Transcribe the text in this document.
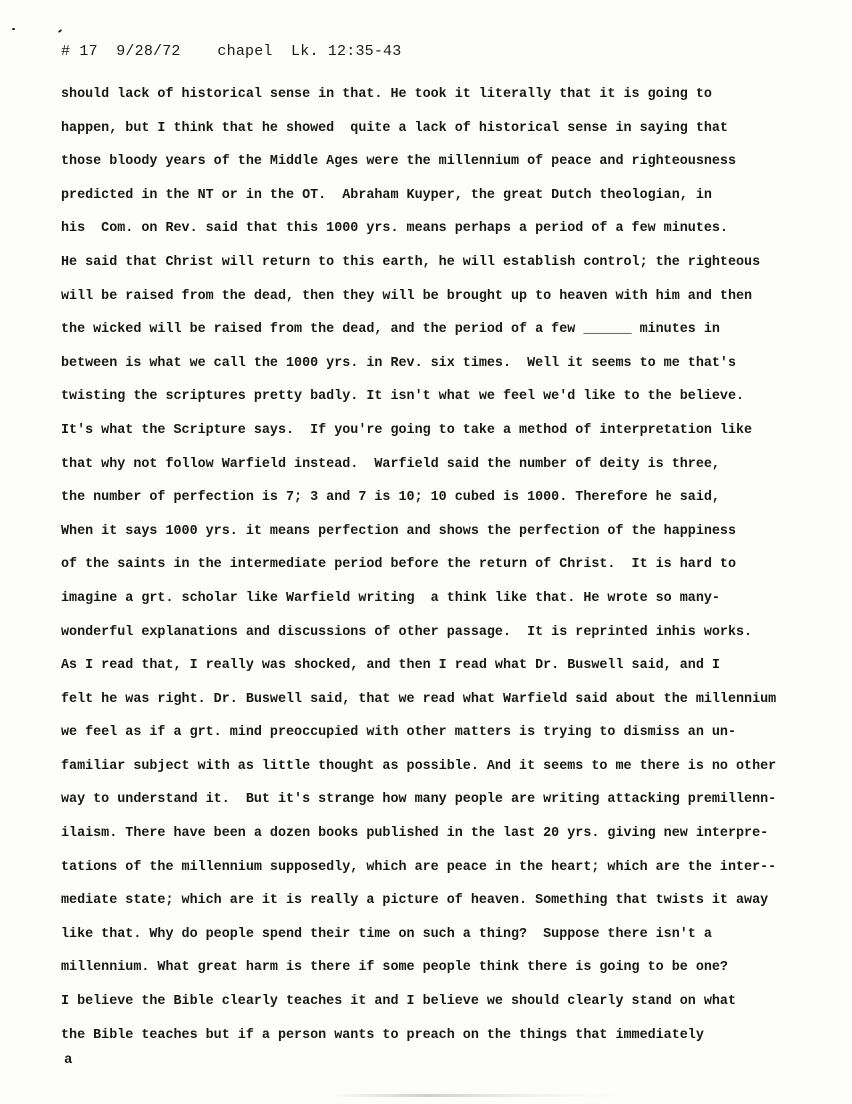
# 17  9/28/72    chapel  Lk. 12:35-43
should lack of historical sense in that. He took it literally that it is going to
happen, but I think that he showed  quite a lack of historical sense in saying that
those bloody years of the Middle Ages were the millennium of peace and righteousness
predicted in the NT or in the OT.  Abraham Kuyper, the great Dutch theologian, in
his  Com. on Rev. said that this 1000 yrs. means perhaps a period of a few minutes.
He said that Christ will return to this earth, he will establish control; the righteous
will be raised from the dead, then they will be brought up to heaven with him and then
the wicked will be raised from the dead, and the period of a few ______ minutes in
between is what we call the 1000 yrs. in Rev. six times.  Well it seems to me that's
twisting the scriptures pretty badly. It isn't what we feel we'd like to the believe.
It's what the Scripture says.  If you're going to take a method of interpretation like
that why not follow Warfield instead.  Warfield said the number of deity is three,
the number of perfection is 7; 3 and 7 is 10; 10 cubed is 1000. Therefore he said,
When it says 1000 yrs. it means perfection and shows the perfection of the happiness
of the saints in the intermediate period before the return of Christ.  It is hard to
imagine a grt. scholar like Warfield writing  a think like that. He wrote so many-
wonderful explanations and discussions of other passage.  It is reprinted inhis works.
As I read that, I really was shocked, and then I read what Dr. Buswell said, and I
felt he was right. Dr. Buswell said, that we read what Warfield said about the millennium
we feel as if a grt. mind preoccupied with other matters is trying to dismiss an un-
familiar subject with as little thought as possible. And it seems to me there is no other
way to understand it.  But it's strange how many people are writing attacking premillenn-
ilaism. There have been a dozen books published in the last 20 yrs. giving new interpre-
tations of the millennium supposedly, which are peace in the heart; which are the inter--
mediate state; which are it is really a picture of heaven. Something that twists it away
like that. Why do people spend their time on such a thing?  Suppose there isn't a
millennium. What great harm is there if some people think there is going to be one?
I believe the Bible clearly teaches it and I believe we should clearly stand on what
the Bible teaches but if a person wants to preach on the things that immediately
a
